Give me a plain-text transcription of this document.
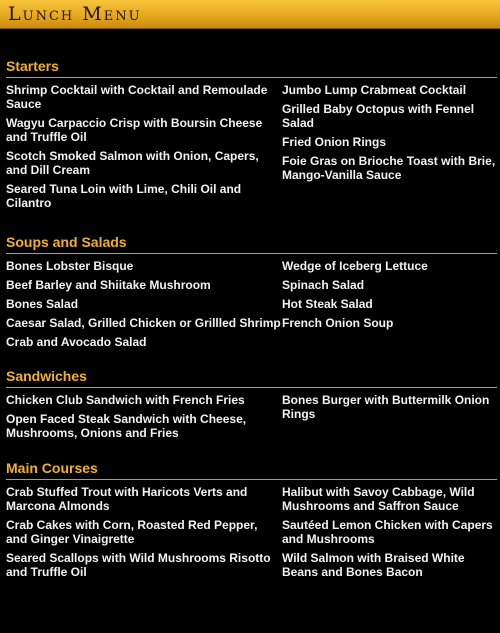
Lunch Menu
Starters
Shrimp Cocktail with Cocktail and Remoulade Sauce
Wagyu Carpaccio Crisp with Boursin Cheese and Truffle Oil
Scotch Smoked Salmon with Onion, Capers, and Dill Cream
Seared Tuna Loin with Lime, Chili Oil and Cilantro
Jumbo Lump Crabmeat Cocktail
Grilled Baby Octopus with Fennel Salad
Fried Onion Rings
Foie Gras on Brioche Toast with Brie, Mango-Vanilla Sauce
Soups and Salads
Bones Lobster Bisque
Beef Barley and Shiitake Mushroom
Bones Salad
Caesar Salad, Grilled Chicken or Grillled Shrimp
Crab and Avocado Salad
Wedge of Iceberg Lettuce
Spinach Salad
Hot Steak Salad
French Onion Soup
Sandwiches
Chicken Club Sandwich with French Fries
Open Faced Steak Sandwich with Cheese, Mushrooms, Onions and Fries
Bones Burger with Buttermilk Onion Rings
Main Courses
Crab Stuffed Trout with Haricots Verts and Marcona Almonds
Crab Cakes with Corn, Roasted Red Pepper, and Ginger Vinaigrette
Seared Scallops with Wild Mushrooms Risotto and Truffle Oil
Halibut with Savoy Cabbage, Wild Mushrooms and Saffron Sauce
Sautéed Lemon Chicken with Capers and Mushrooms
Wild Salmon with Braised White Beans and Bones Bacon
